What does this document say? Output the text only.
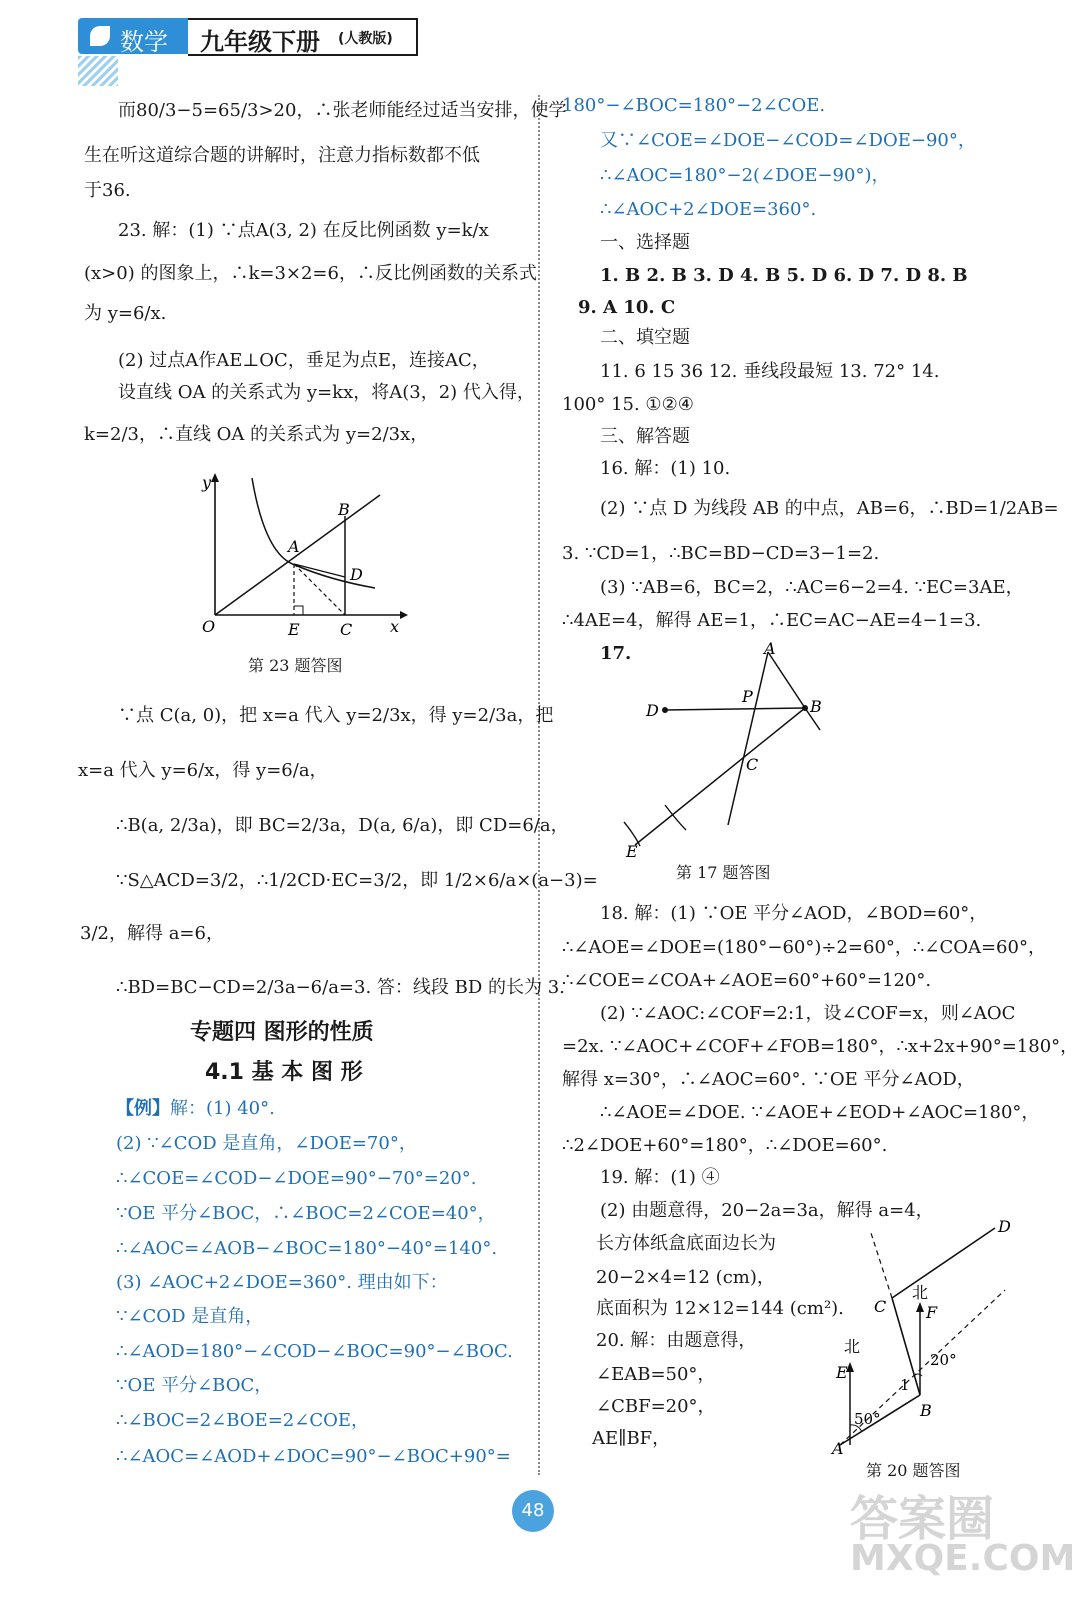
数学 九年级下册 (人教版)
而80/3−5=65/3>20，∴张老师能经过适当安排，使学
生在听这道综合题的讲解时，注意力指标数都不低
于36.
23. 解：(1) ∵点A(3, 2) 在反比例函数 y=k/x
(x>0) 的图象上，∴k=3×2=6，∴反比例函数的关系式
为 y=6/x.
(2) 过点A作AE⊥OC，垂足为点E，连接AC，
设直线 OA 的关系式为 y=kx，将A(3，2) 代入得，
k=2/3，∴直线 OA 的关系式为 y=2/3x，
y
x
O	E	C
A
B
D
第 23 题答图
∵点 C(a, 0)，把 x=a 代入 y=2/3x，得 y=2/3a，把
x=a 代入 y=6/x，得 y=6/a，
∴B(a, 2/3a)，即 BC=2/3a，D(a, 6/a)，即 CD=6/a，
∵S△ACD=3/2，∴1/2CD·EC=3/2，即 1/2×6/a×(a−3)=
3/2，解得 a=6，
∴BD=BC−CD=2/3a−6/a=3. 答：线段 BD 的长为 3.
专题四 图形的性质
4.1 基 本 图 形
【例】解：(1) 40°.
(2) ∵∠COD 是直角，∠DOE=70°，
∴∠COE=∠COD−∠DOE=90°−70°=20°.
∵OE 平分∠BOC，∴∠BOC=2∠COE=40°，
∴∠AOC=∠AOB−∠BOC=180°−40°=140°.
(3) ∠AOC+2∠DOE=360°. 理由如下：
∵∠COD 是直角，
∴∠AOD=180°−∠COD−∠BOC=90°−∠BOC.
∵OE 平分∠BOC，
∴∠BOC=2∠BOE=2∠COE，
∴∠AOC=∠AOD+∠DOC=90°−∠BOC+90°=
180°−∠BOC=180°−2∠COE.
又∵∠COE=∠DOE−∠COD=∠DOE−90°，
∴∠AOC=180°−2(∠DOE−90°)，
∴∠AOC+2∠DOE=360°.
一、选择题
1. B 2. B 3. D 4. B 5. D 6. D 7. D 8. B
9. A 10. C
二、填空题
11. 6 15 36 12. 垂线段最短 13. 72° 14.
100° 15. ①②④
三、解答题
16. 解：(1) 10.
(2) ∵点 D 为线段 AB 的中点，AB=6，∴BD=1/2AB=
3. ∵CD=1，∴BC=BD−CD=3−1=2.
(3) ∵AB=6，BC=2，∴AC=6−2=4. ∵EC=3AE，
∴4AE=4，解得 AE=1，∴EC=AC−AE=4−1=3.
17.	A
B
C
D
P
E
第 17 题答图
18. 解：(1) ∵OE 平分∠AOD，∠BOD=60°，
∴∠AOE=∠DOE=(180°−60°)÷2=60°，∴∠COA=60°，
∴∠COE=∠COA+∠AOE=60°+60°=120°.
(2) ∵∠AOC:∠COF=2:1，设∠COF=x，则∠AOC
=2x. ∵∠AOC+∠COF+∠FOB=180°，∴x+2x+90°=180°，
解得 x=30°，∴∠AOC=60°. ∵OE 平分∠AOD，
∴∠AOE=∠DOE. ∵∠AOE+∠EOD+∠AOC=180°，
∴2∠DOE+60°=180°，∴∠DOE=60°.
19. 解：(1) ④
(2) 由题意得，20−2a=3a，解得 a=4，
长方体纸盒底面边长为
20−2×4=12 (cm)，
底面积为 12×12=144 (cm²).
20. 解：由题意得，
∠EAB=50°，
∠CBF=20°，
AE∥BF，
D
C
北
F
北
E
20°
1
50° B
A
第 20 题答图
48	答案圈
MXQE.COM
